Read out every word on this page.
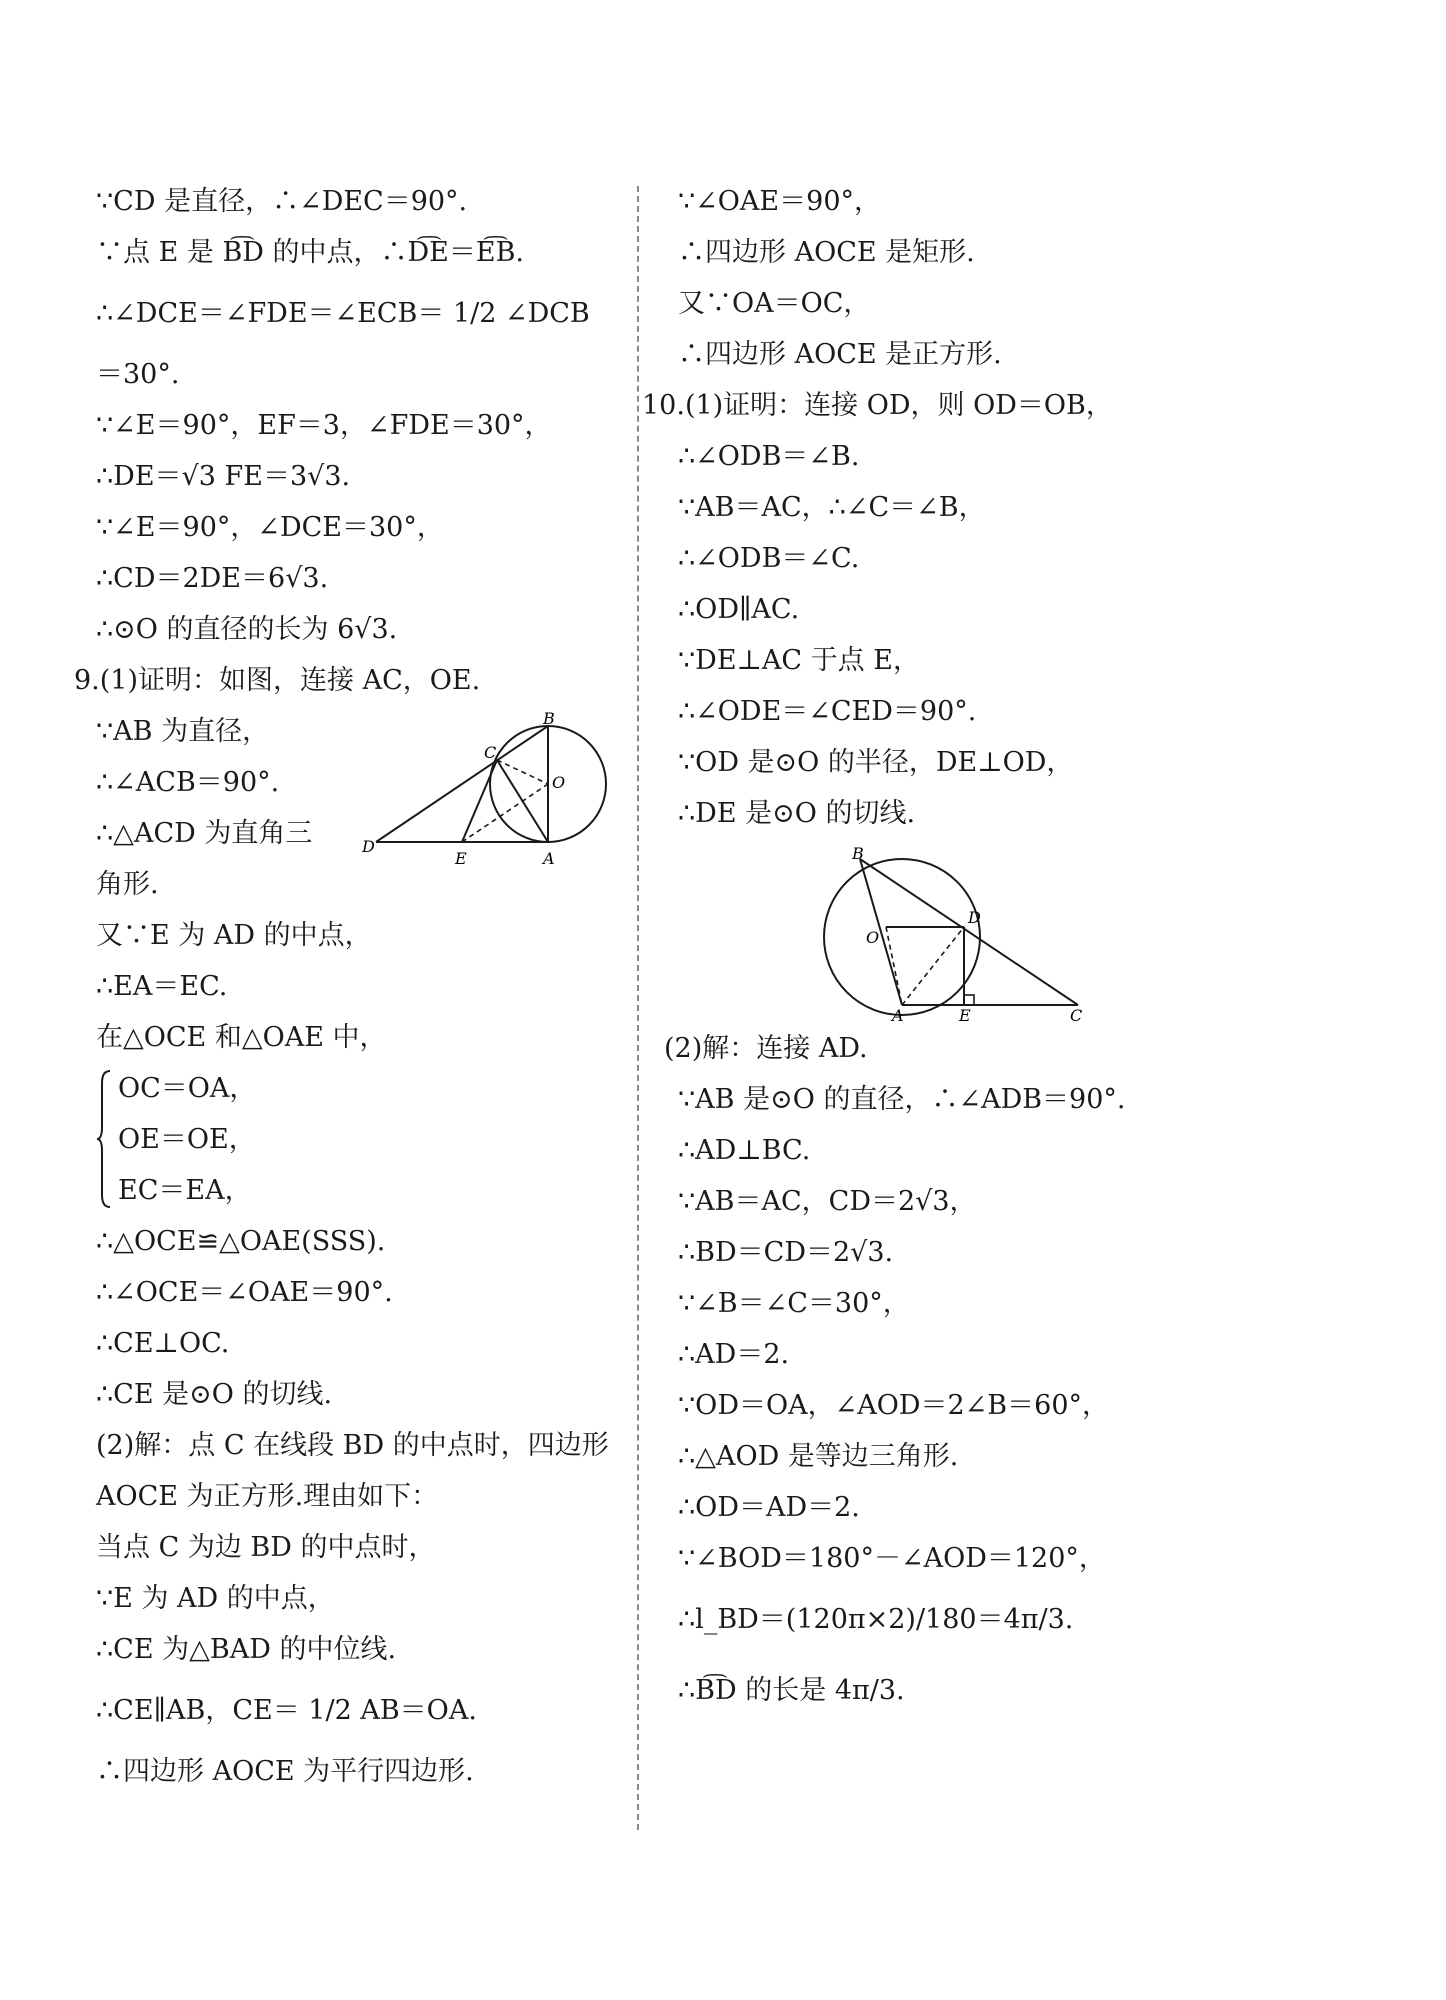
∵CD 是直径，∴∠DEC＝90°.
∵点 E 是 B͡D 的中点，∴D͡E＝E͡B.
∴∠DCE＝∠FDE＝∠ECB＝ 1/2 ∠DCB
＝30°.
∵∠E＝90°，EF＝3，∠FDE＝30°，
∴DE＝√3 FE＝3√3.
∵∠E＝90°，∠DCE＝30°，
∴CD＝2DE＝6√3.
∴⊙O 的直径的长为 6√3.
9.(1)证明：如图，连接 AC，OE.
B
C
O
D
E	A
∵AB 为直径，
∴∠ACB＝90°.
∴△ACD 为直角三
角形.
又∵E 为 AD 的中点，
∴EA＝EC.
在△OCE 和△OAE 中，
OC＝OA，
OE＝OE，
EC＝EA，
∴△OCE≌△OAE(SSS).
∴∠OCE＝∠OAE＝90°.
∴CE⊥OC.
∴CE 是⊙O 的切线.
(2)解：点 C 在线段 BD 的中点时，四边形
AOCE 为正方形.理由如下：
当点 C 为边 BD 的中点时，
∵E 为 AD 的中点，
∴CE 为△BAD 的中位线.
∴CE∥AB，CE＝ 1/2 AB＝OA.
∴四边形 AOCE 为平行四边形.
∵∠OAE＝90°，
∴四边形 AOCE 是矩形.
又∵OA＝OC，
∴四边形 AOCE 是正方形.
10.(1)证明：连接 OD，则 OD＝OB，
∴∠ODB＝∠B.
∵AB＝AC，∴∠C＝∠B，
∴∠ODB＝∠C.
∴OD∥AC.
∵DE⊥AC 于点 E，
∴∠ODE＝∠CED＝90°.
∵OD 是⊙O 的半径，DE⊥OD，
∴DE 是⊙O 的切线.
B
D
O
A	E	C
(2)解：连接 AD.
∵AB 是⊙O 的直径，∴∠ADB＝90°.
∴AD⊥BC.
∵AB＝AC，CD＝2√3，
∴BD＝CD＝2√3.
∵∠B＝∠C＝30°，
∴AD＝2.
∵OD＝OA，∠AOD＝2∠B＝60°，
∴△AOD 是等边三角形.
∴OD＝AD＝2.
∵∠BOD＝180°－∠AOD＝120°，
∴l_BD＝(120π×2)/180＝4π/3.
∴B͡D 的长是 4π/3.
